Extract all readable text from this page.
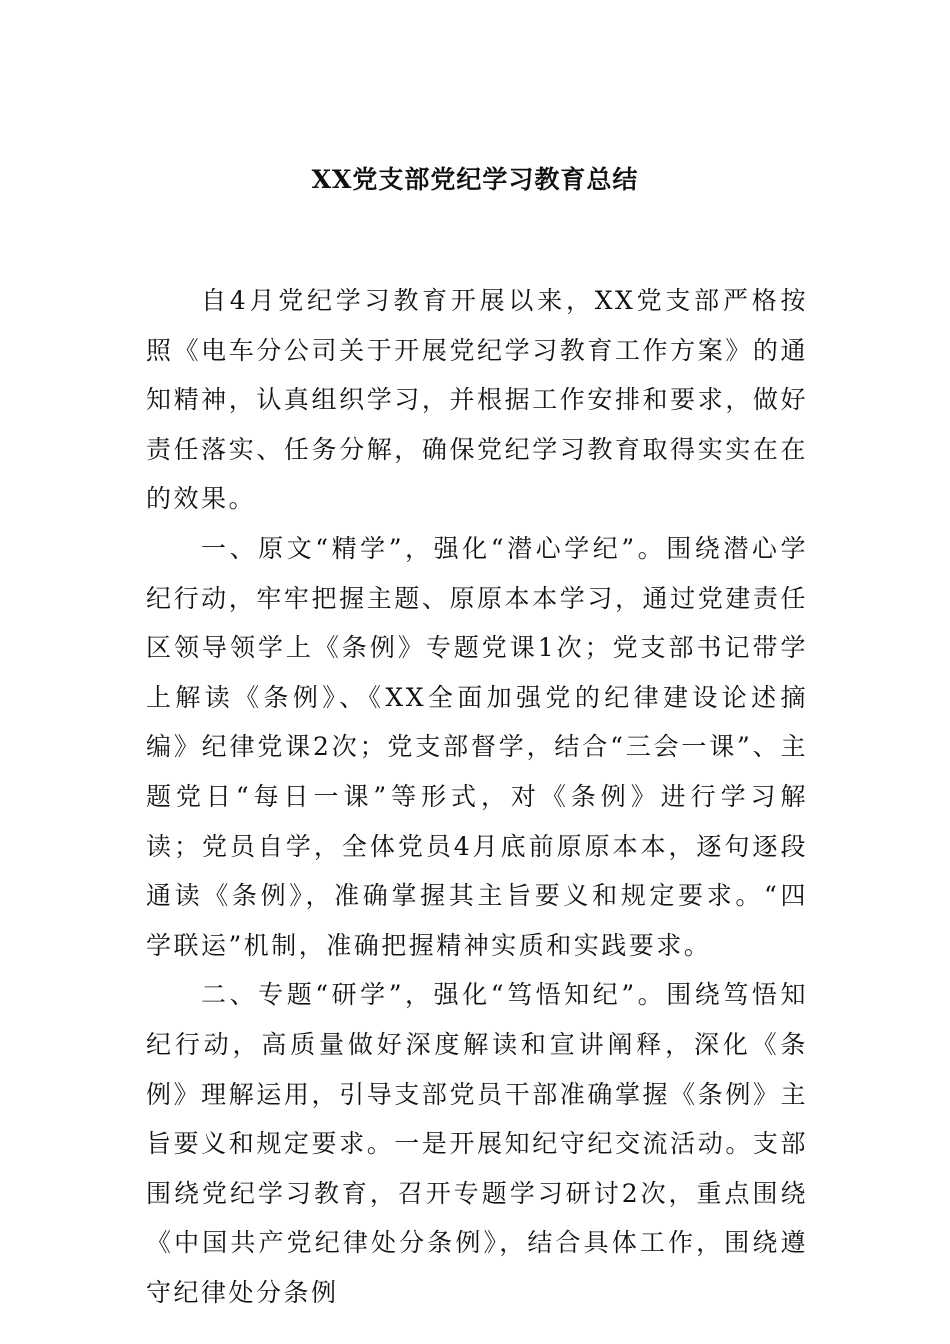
XX党支部党纪学习教育总结

自4月党纪学习教育开展以来，XX党支部严格按照《电车分公司关于开展党纪学习教育工作方案》的通知精神，认真组织学习，并根据工作安排和要求，做好责任落实、任务分解，确保党纪学习教育取得实实在在的效果。

一、原文“精学”，强化“潜心学纪”。围绕潜心学纪行动，牢牢把握主题、原原本本学习，通过党建责任区领导领学上《条例》专题党课1次；党支部书记带学上解读《条例》、《XX全面加强党的纪律建设论述摘编》纪律党课2次；党支部督学，结合“三会一课”、主题党日“每日一课”等形式，对《条例》进行学习解读；党员自学，全体党员4月底前原原本本，逐句逐段通读《条例》，准确掌握其主旨要义和规定要求。“四学联运”机制，准确把握精神实质和实践要求。

二、专题“研学”，强化“笃悟知纪”。围绕笃悟知纪行动，高质量做好深度解读和宣讲阐释，深化《条例》理解运用，引导支部党员干部准确掌握《条例》主旨要义和规定要求。一是开展知纪守纪交流活动。支部围绕党纪学习教育，召开专题学习研讨2次，重点围绕《中国共产党纪律处分条例》，结合具体工作，围绕遵守纪律处分条例
